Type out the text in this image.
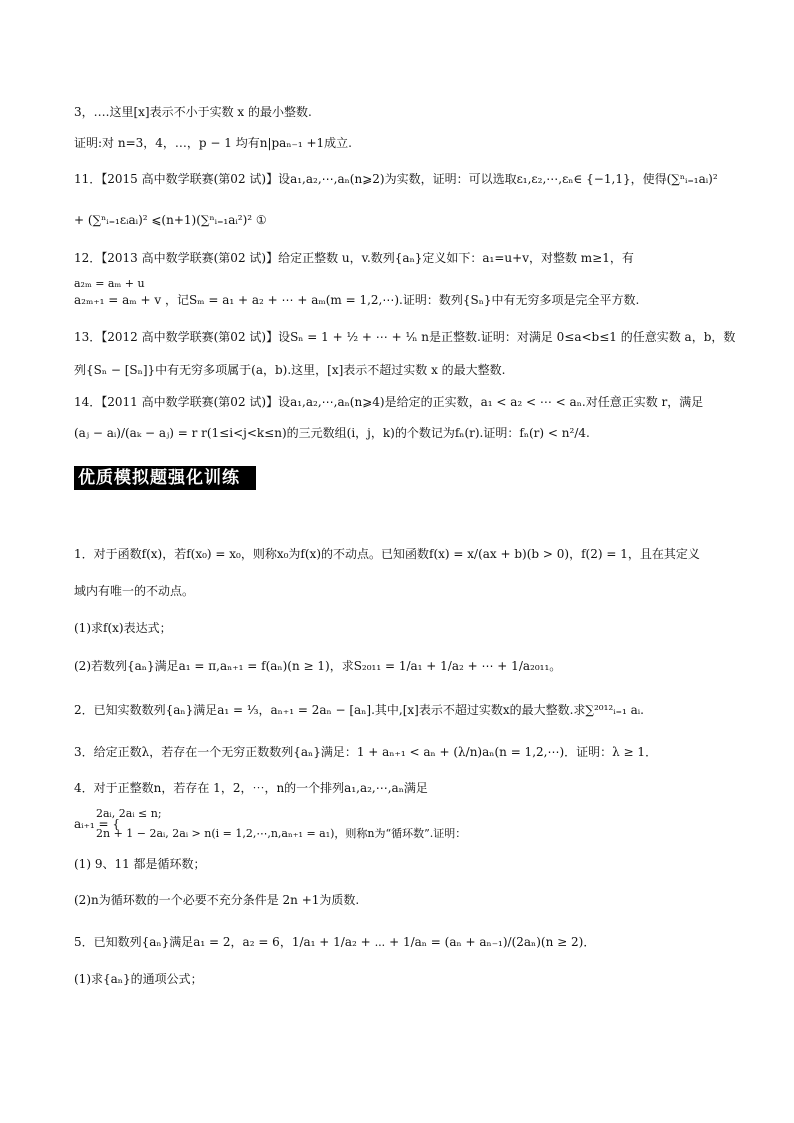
3，….这里[x]表示不小于实数 x 的最小整数.
证明:对 n=3，4，…，p − 1 均有n|paₙ₋₁ +1成立.
11．【2015 高中数学联赛(第02 试)】设a₁,a₂,⋯,aₙ(n⩾2)为实数，证明：可以选取ε₁,ε₂,⋯,εₙ∈ {−1,1}，使得(∑ⁿᵢ₌₁aᵢ)²
+ (∑ⁿᵢ₌₁εᵢaᵢ)² ⩽(n+1)(∑ⁿᵢ₌₁aᵢ²)² ①
12．【2013 高中数学联赛(第02 试)】给定正整数 u，v.数列{aₙ}定义如下：a₁=u+v，对整数 m≥1，有
a₂ₘ = aₘ + u
a₂ₘ₊₁ = aₘ + v ，记Sₘ = a₁ + a₂ + ⋯ + aₘ(m = 1,2,⋯).证明：数列{Sₙ}中有无穷多项是完全平方数.
13．【2012 高中数学联赛(第02 试)】设Sₙ = 1 + ½ + ⋯ + ¹⁄ₙ n是正整数.证明：对满足 0≤a<b≤1 的任意实数 a，b，数
列{Sₙ − [Sₙ]}中有无穷多项属于(a，b).这里，[x]表示不超过实数 x 的最大整数.
14．【2011 高中数学联赛(第02 试)】设a₁,a₂,⋯,aₙ(n⩾4)是给定的正实数，a₁ < a₂ < ⋯ < aₙ.对任意正实数 r，满足
(aⱼ − aᵢ)/(aₖ − aⱼ) = r r(1≤i<j<k≤n)的三元数组(i，j，k)的个数记为fₙ(r).证明：fₙ(r) < n²/4.
优质模拟题强化训练
1．对于函数f(x)，若f(x₀) = x₀，则称x₀为f(x)的不动点。已知函数f(x) = x/(ax + b)(b > 0)，f(2) = 1，且在其定义
域内有唯一的不动点。
(1)求f(x)表达式；
(2)若数列{aₙ}满足a₁ = π,aₙ₊₁ = f(aₙ)(n ≥ 1)，求S₂₀₁₁ = 1/a₁ + 1/a₂ + ⋯ + 1/a₂₀₁₁。
2．已知实数数列{aₙ}满足a₁ = ⅓，aₙ₊₁ = 2aₙ − [aₙ].其中,[x]表示不超过实数x的最大整数.求∑²⁰¹²ᵢ₌₁ aᵢ.
3．给定正数λ，若存在一个无穷正数数列{aₙ}满足：1 + aₙ₊₁ < aₙ + (λ/n)aₙ(n = 1,2,⋯)．证明：λ ≥ 1．
4．对于正整数n，若存在 1，2，⋯，n的一个排列a₁,a₂,⋯,aₙ满足
2aᵢ, 2aᵢ ≤ n;
aᵢ₊₁ = {
2n + 1 − 2aᵢ, 2aᵢ > n(i = 1,2,⋯,n,aₙ₊₁ = a₁)，则称n为“循环数”.证明：
(1) 9、11 都是循环数；
(2)n为循环数的一个必要不充分条件是 2n +1为质数.
5．已知数列{aₙ}满足a₁ = 2，a₂ = 6，1/a₁ + 1/a₂ + ⋯ + 1/aₙ = (aₙ + aₙ₋₁)/(2aₙ)(n ≥ 2)．
(1)求{aₙ}的通项公式；
